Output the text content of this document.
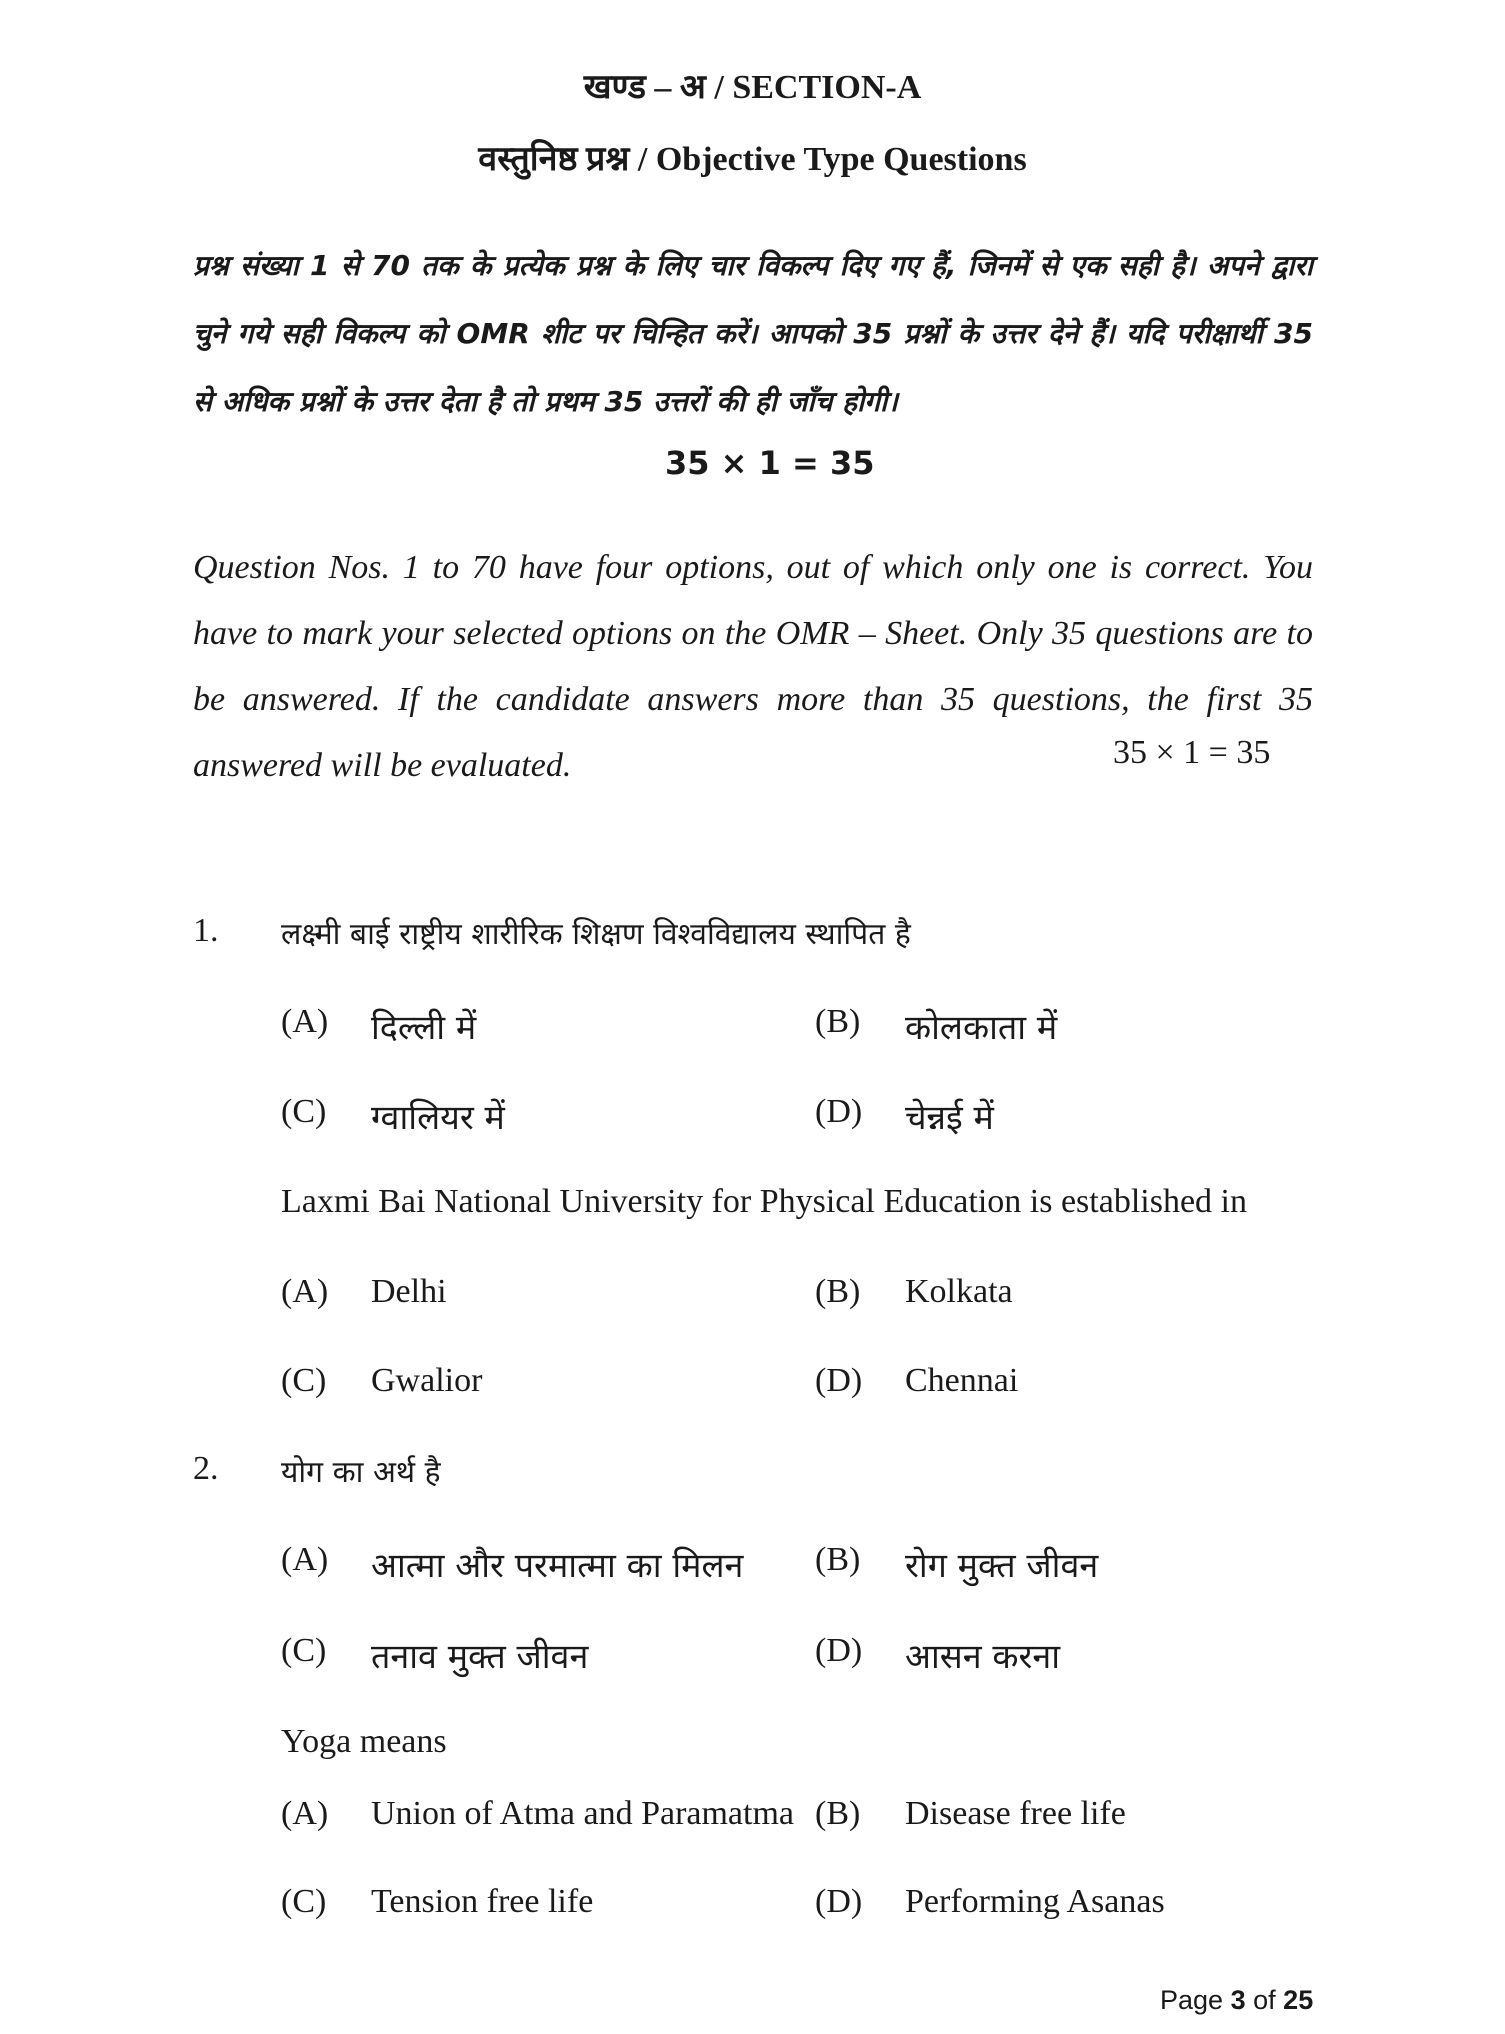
खण्ड – अ / SECTION-A
वस्तुनिष्ठ प्रश्न / Objective Type Questions
प्रश्न संख्या 1 से 70 तक के प्रत्येक प्रश्न के लिए चार विकल्प दिए गए हैं, जिनमें से एक सही है। अपने द्वारा चुने गये सही विकल्प को OMR शीट पर चिन्हित करें। आपको 35 प्रश्नों के उत्तर देने हैं। यदि परीक्षार्थी 35 से अधिक प्रश्नों के उत्तर देता है तो प्रथम 35 उत्तरों की ही जाँच होगी।
35 × 1 = 35
Question Nos. 1 to 70 have four options, out of which only one is correct. You have to mark your selected options on the OMR – Sheet. Only 35 questions are to be answered. If the candidate answers more than 35 questions, the first 35 answered will be evaluated.	35 × 1 = 35
1. लक्ष्मी बाई राष्ट्रीय शारीरिक शिक्षण विश्वविद्यालय स्थापित है
(A) दिल्ली में	(B) कोलकाता में
(C) ग्वालियर में	(D) चेन्नई में
Laxmi Bai National University for Physical Education is established in
(A) Delhi	(B) Kolkata
(C) Gwalior	(D) Chennai
2. योग का अर्थ है
(A) आत्मा और परमात्मा का मिलन (B) रोग मुक्त जीवन
(C) तनाव मुक्त जीवन	(D) आसन करना
Yoga means
(A) Union of Atma and Paramatma (B) Disease free life
(C) Tension free life	(D) Performing Asanas
Page 3 of 25
